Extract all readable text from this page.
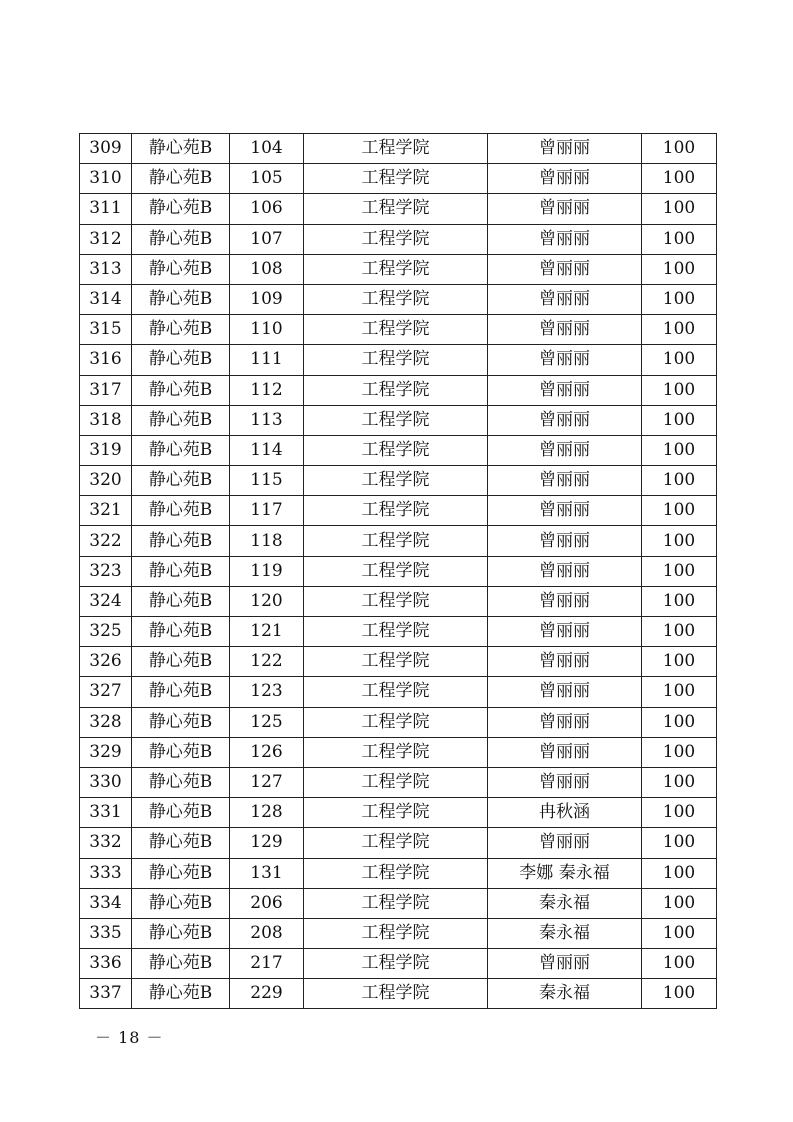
309	静心苑B	104	工程学院	曾丽丽	100
310	静心苑B	105	工程学院	曾丽丽	100
311	静心苑B	106	工程学院	曾丽丽	100
312	静心苑B	107	工程学院	曾丽丽	100
313	静心苑B	108	工程学院	曾丽丽	100
314	静心苑B	109	工程学院	曾丽丽	100
315	静心苑B	110	工程学院	曾丽丽	100
316	静心苑B	111	工程学院	曾丽丽	100
317	静心苑B	112	工程学院	曾丽丽	100
318	静心苑B	113	工程学院	曾丽丽	100
319	静心苑B	114	工程学院	曾丽丽	100
320	静心苑B	115	工程学院	曾丽丽	100
321	静心苑B	117	工程学院	曾丽丽	100
322	静心苑B	118	工程学院	曾丽丽	100
323	静心苑B	119	工程学院	曾丽丽	100
324	静心苑B	120	工程学院	曾丽丽	100
325	静心苑B	121	工程学院	曾丽丽	100
326	静心苑B	122	工程学院	曾丽丽	100
327	静心苑B	123	工程学院	曾丽丽	100
328	静心苑B	125	工程学院	曾丽丽	100
329	静心苑B	126	工程学院	曾丽丽	100
330	静心苑B	127	工程学院	曾丽丽	100
331	静心苑B	128	工程学院	冉秋涵	100
332	静心苑B	129	工程学院	曾丽丽	100
333	静心苑B	131	工程学院	李娜 秦永福	100
334	静心苑B	206	工程学院	秦永福	100
335	静心苑B	208	工程学院	秦永福	100
336	静心苑B	217	工程学院	曾丽丽	100
337	静心苑B	229	工程学院	秦永福	100
－ 18 －
